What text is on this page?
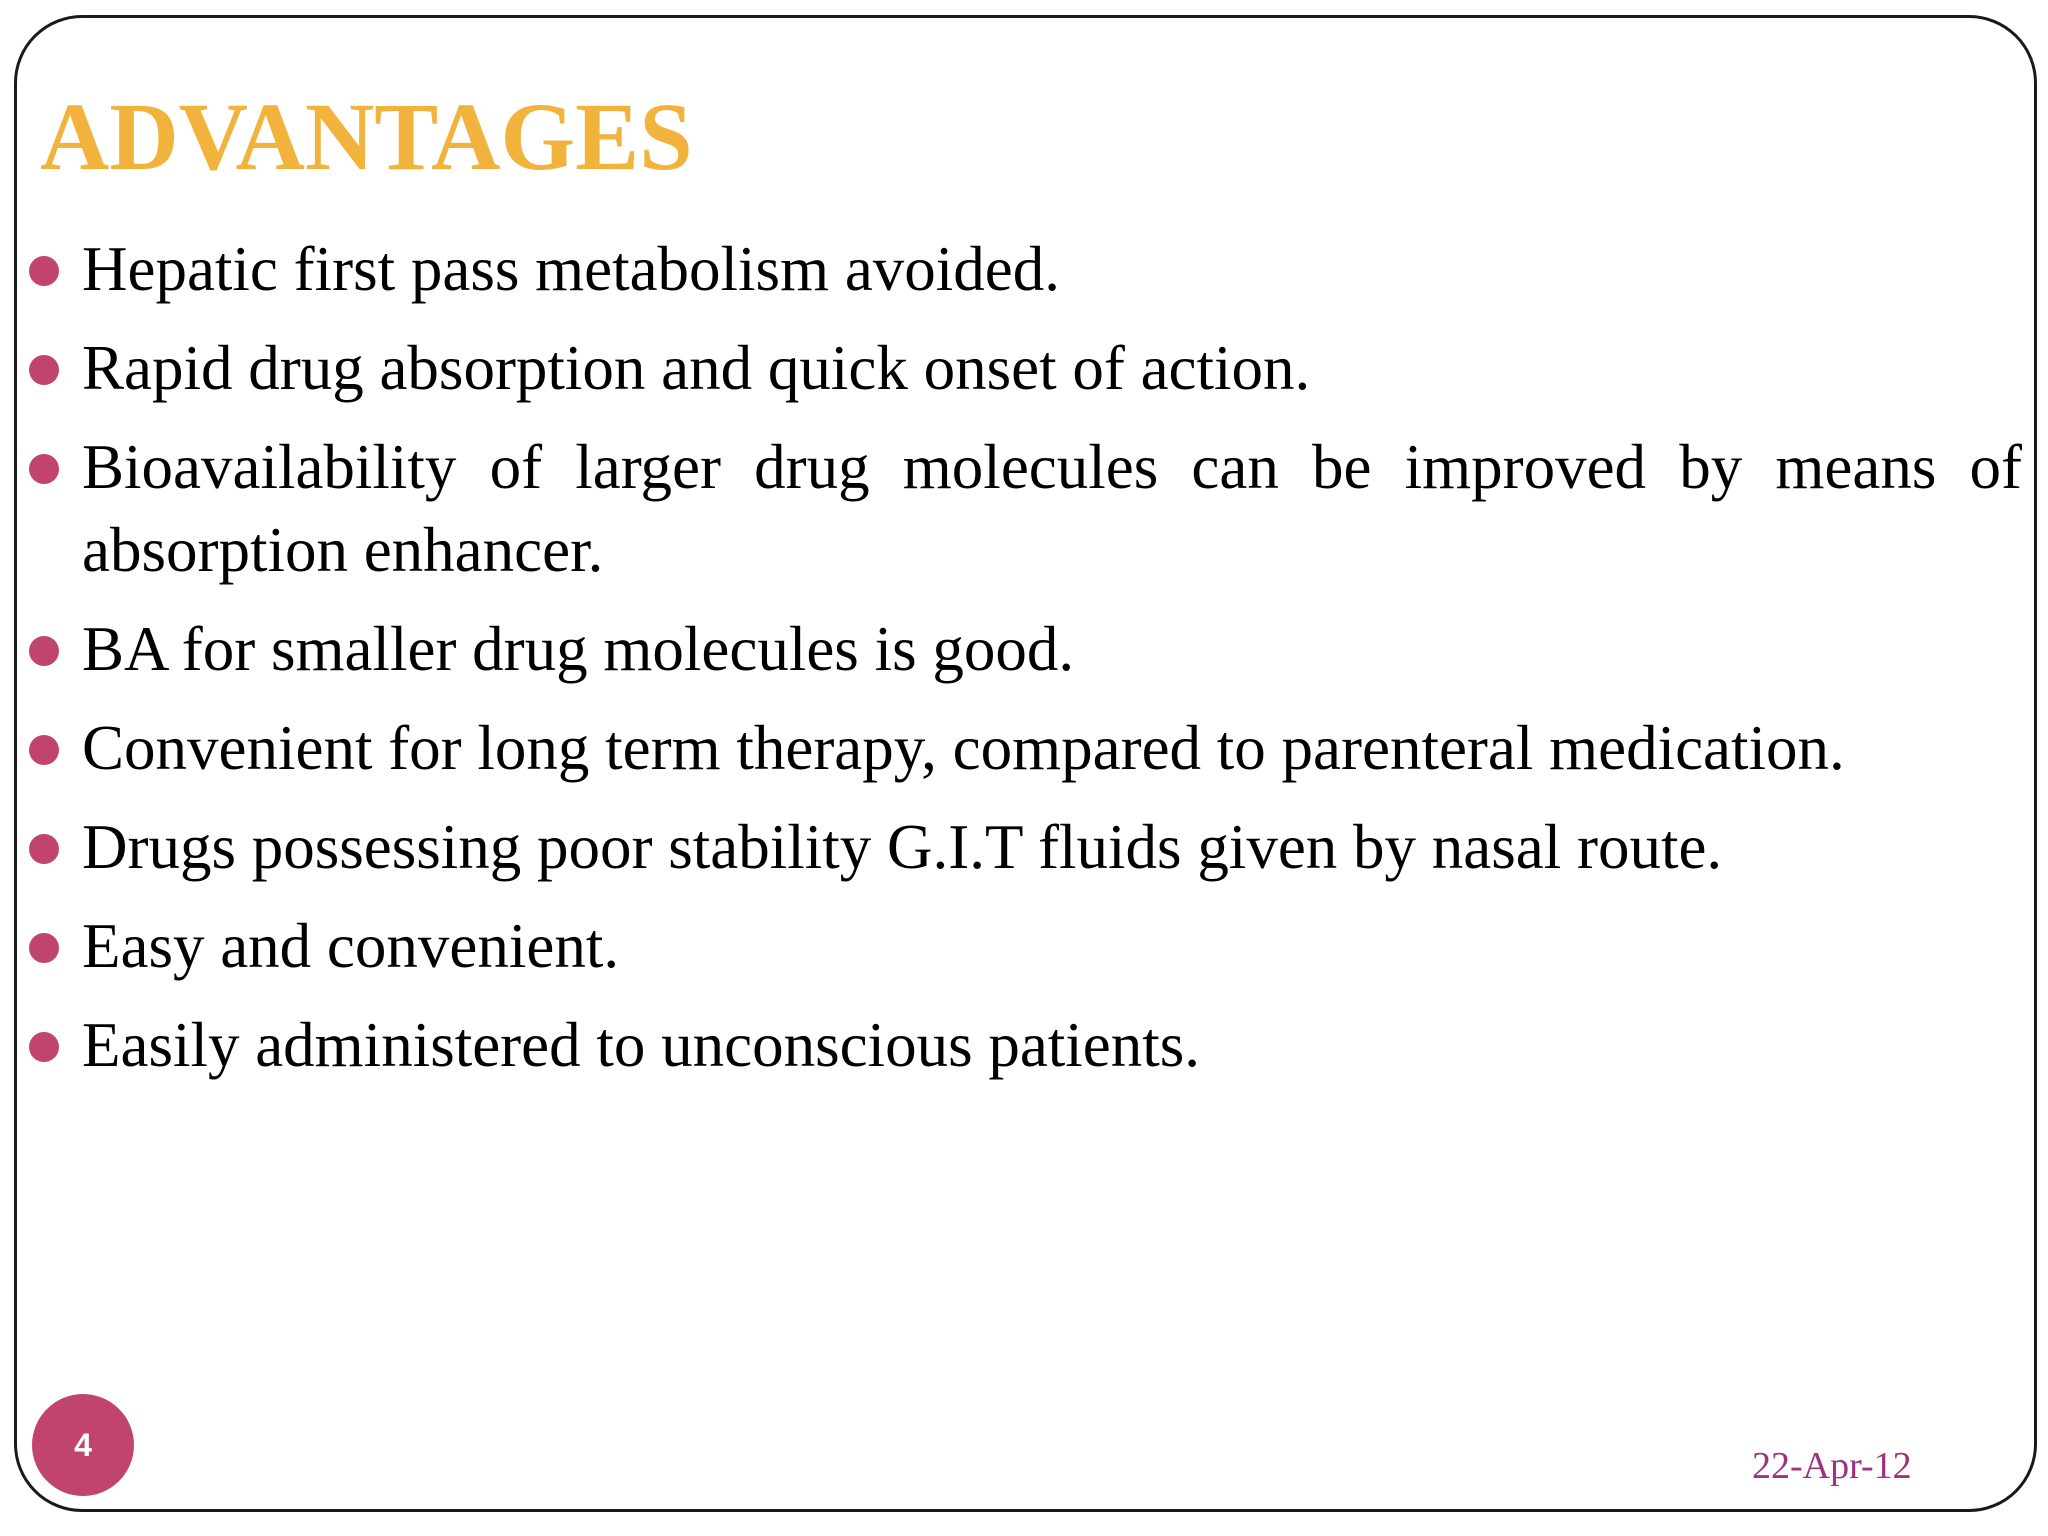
ADVANTAGES
Hepatic first pass metabolism avoided.
Rapid drug absorption and quick onset of action.
Bioavailability of larger drug molecules can be improved by means of absorption enhancer.
BA for smaller drug molecules is good.
Convenient for long term therapy, compared to parenteral medication.
Drugs possessing poor stability G.I.T fluids given by nasal route.
Easy and convenient.
Easily administered to unconscious patients.
4
22-Apr-12
